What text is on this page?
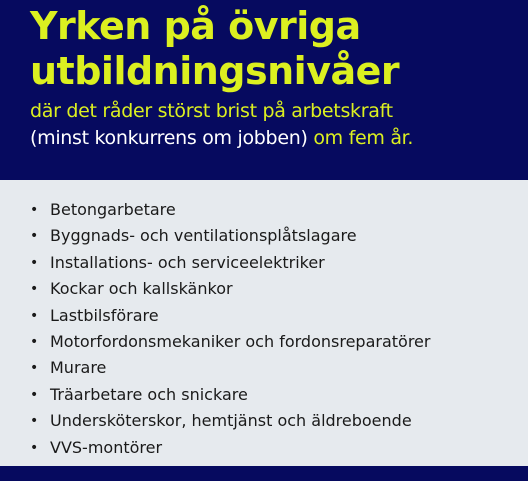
Yrken på övriga
utbildningsnivåer

där det råder störst brist på arbetskraft
(minst konkurrens om jobben) om fem år.

• Betongarbetare
• Byggnads- och ventilationsplåtslagare
• Installations- och serviceelektriker
• Kockar och kallskänkor
• Lastbilsförare
• Motorfordonsmekaniker och fordonsreparatörer
• Murare
• Träarbetare och snickare
• Undersköterskor, hemtjänst och äldreboende
• VVS-montörer
